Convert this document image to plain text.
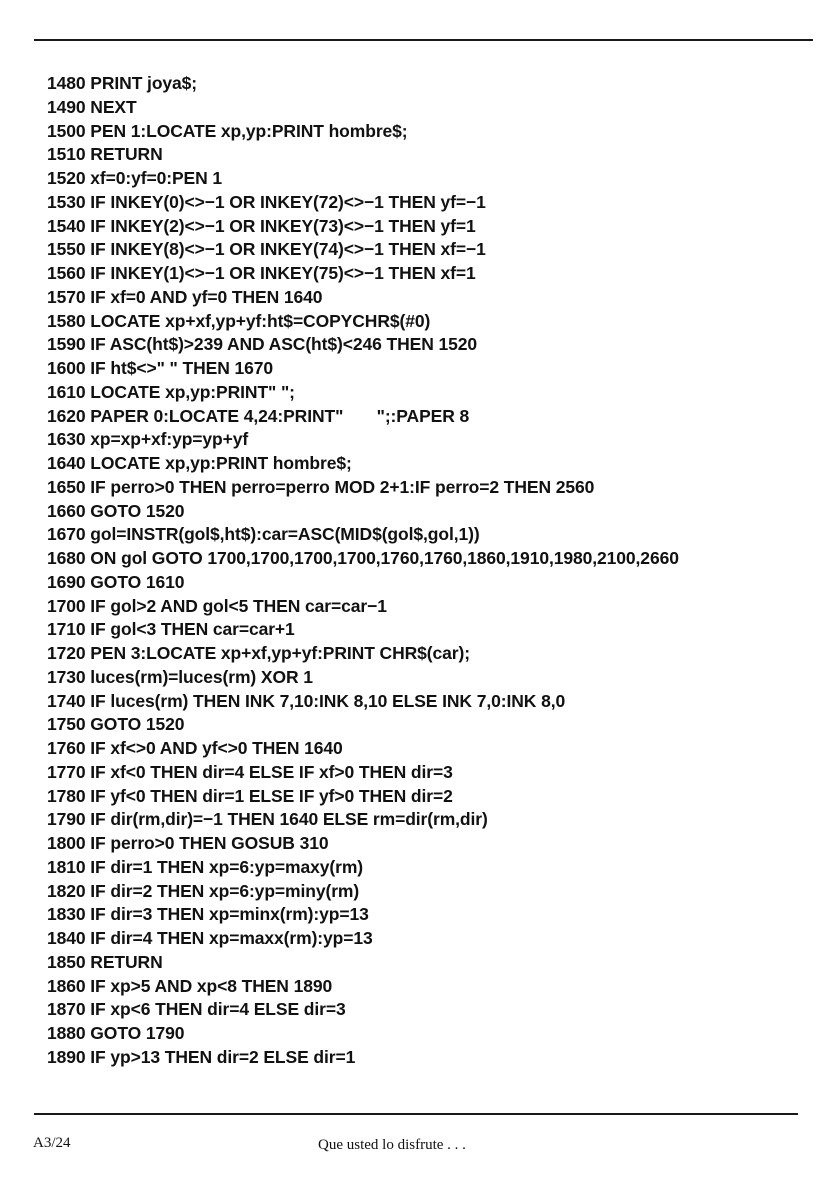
1480 PRINT joya$;
1490 NEXT
1500 PEN 1:LOCATE xp,yp:PRINT hombre$;
1510 RETURN
1520 xf=0:yf=0:PEN 1
1530 IF INKEY(0)<>−1 OR INKEY(72)<>−1 THEN yf=−1
1540 IF INKEY(2)<>−1 OR INKEY(73)<>−1 THEN yf=1
1550 IF INKEY(8)<>−1 OR INKEY(74)<>−1 THEN xf=−1
1560 IF INKEY(1)<>−1 OR INKEY(75)<>−1 THEN xf=1
1570 IF xf=0 AND yf=0 THEN 1640
1580 LOCATE xp+xf,yp+yf:ht$=COPYCHR$(#0)
1590 IF ASC(ht$)>239 AND ASC(ht$)<246 THEN 1520
1600 IF ht$<>" " THEN 1670
1610 LOCATE xp,yp:PRINT" ";
1620 PAPER 0:LOCATE 4,24:PRINT"       ";:PAPER 8
1630 xp=xp+xf:yp=yp+yf
1640 LOCATE xp,yp:PRINT hombre$;
1650 IF perro>0 THEN perro=perro MOD 2+1:IF perro=2 THEN 2560
1660 GOTO 1520
1670 gol=INSTR(gol$,ht$):car=ASC(MID$(gol$,gol,1))
1680 ON gol GOTO 1700,1700,1700,1700,1760,1760,1860,1910,1980,2100,2660
1690 GOTO 1610
1700 IF gol>2 AND gol<5 THEN car=car−1
1710 IF gol<3 THEN car=car+1
1720 PEN 3:LOCATE xp+xf,yp+yf:PRINT CHR$(car);
1730 luces(rm)=luces(rm) XOR 1
1740 IF luces(rm) THEN INK 7,10:INK 8,10 ELSE INK 7,0:INK 8,0
1750 GOTO 1520
1760 IF xf<>0 AND yf<>0 THEN 1640
1770 IF xf<0 THEN dir=4 ELSE IF xf>0 THEN dir=3
1780 IF yf<0 THEN dir=1 ELSE IF yf>0 THEN dir=2
1790 IF dir(rm,dir)=−1 THEN 1640 ELSE rm=dir(rm,dir)
1800 IF perro>0 THEN GOSUB 310
1810 IF dir=1 THEN xp=6:yp=maxy(rm)
1820 IF dir=2 THEN xp=6:yp=miny(rm)
1830 IF dir=3 THEN xp=minx(rm):yp=13
1840 IF dir=4 THEN xp=maxx(rm):yp=13
1850 RETURN
1860 IF xp>5 AND xp<8 THEN 1890
1870 IF xp<6 THEN dir=4 ELSE dir=3
1880 GOTO 1790
1890 IF yp>13 THEN dir=2 ELSE dir=1
A3/24	Que usted lo disfrute . . .
